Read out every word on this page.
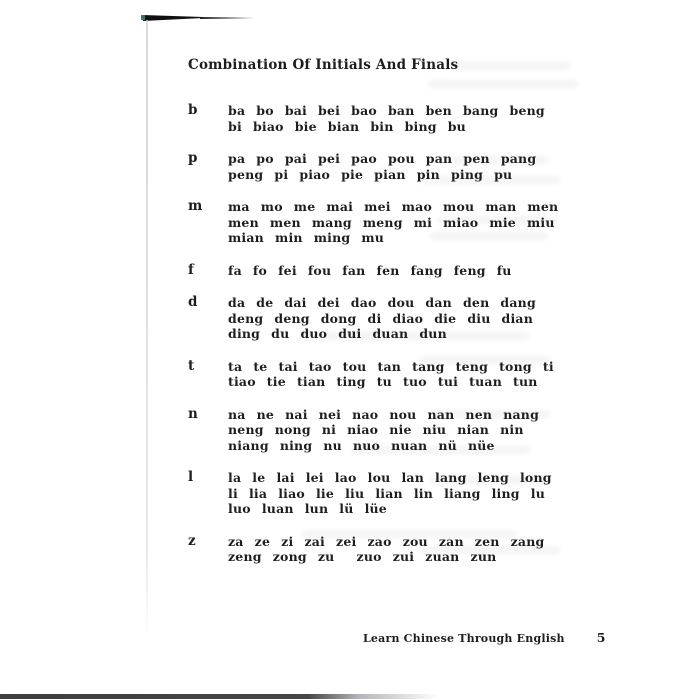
Combination Of Initials And Finals
b	ba bo bai bei bao ban ben bang beng
bi biao bie bian bin bing bu
p	pa po pai pei pao pou pan pen pang
peng pi piao pie pian pin ping pu
m	ma mo me mai mei mao mou man men
men men mang meng mi miao mie miu
mian min ming mu
f	fa fo fei fou fan fen fang feng fu
d	da de dai dei dao dou dan den dang
deng deng dong di diao die diu dian
ding du duo dui duan dun
t	ta te tai tao tou tan tang teng tong ti
tiao tie tian ting tu tuo tui tuan tun
n	na ne nai nei nao nou nan nen nang
neng nong ni niao nie niu nian nin
niang ning nu nuo nuan nü nüe
l	la le lai lei lao lou lan lang leng long
li lia liao lie liu lian lin liang ling lu
luo luan lun lü lüe
z	za ze zi zai zei zao zou zan zen zang
zeng zong zu  zuo zui zuan zun
Learn Chinese Through English	5
